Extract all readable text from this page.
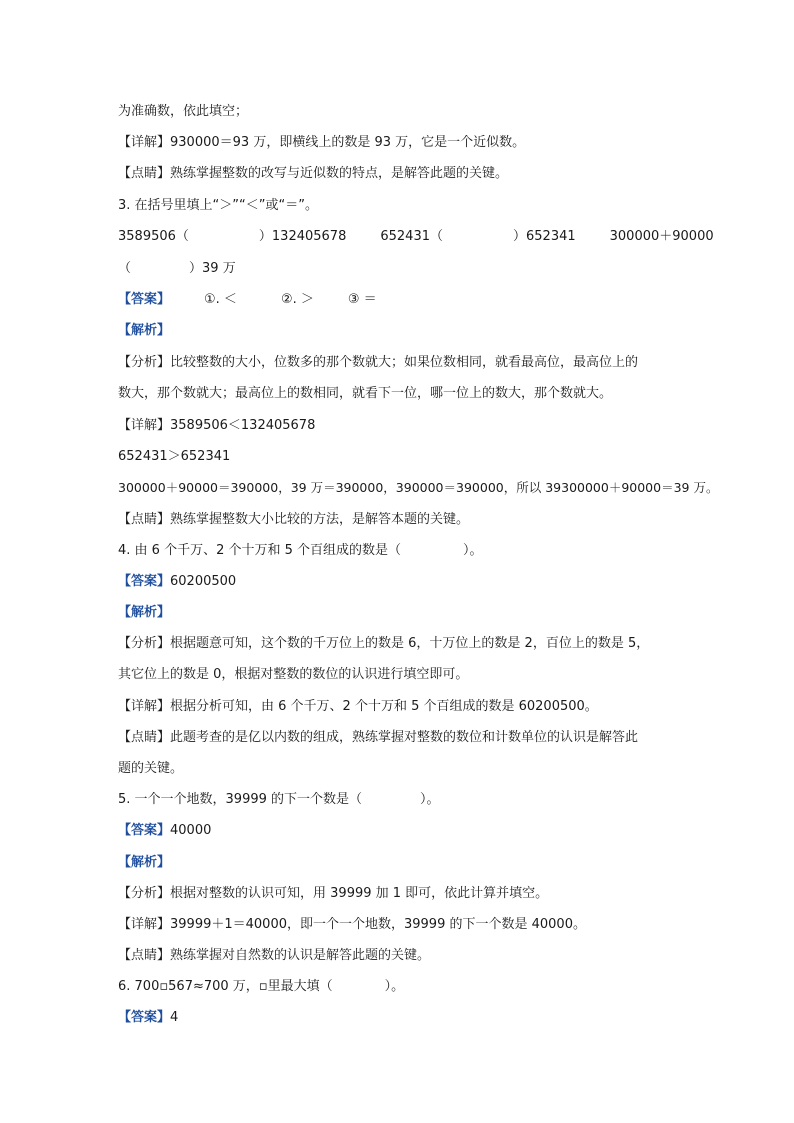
为准确数，依此填空；
【详解】930000＝93 万，即横线上的数是 93 万，它是一个近似数。
【点睛】熟练掌握整数的改写与近似数的特点，是解答此题的关键。
3. 在括号里填上“＞”“＜”或“＝”。
3589506（	）132405678	652431（	）652341	300000＋90000
（	）39 万
【答案】	①. ＜	②. ＞	③ ＝
【解析】
【分析】比较整数的大小，位数多的那个数就大；如果位数相同，就看最高位，最高位上的
数大，那个数就大；最高位上的数相同，就看下一位，哪一位上的数大，那个数就大。
【详解】3589506＜132405678
652431＞652341
300000＋90000＝390000，39 万＝390000，390000＝390000，所以 39300000＋90000＝39 万。
【点睛】熟练掌握整数大小比较的方法，是解答本题的关键。
4. 由 6 个千万、2 个十万和 5 个百组成的数是（	）。
【答案】60200500
【解析】
【分析】根据题意可知，这个数的千万位上的数是 6，十万位上的数是 2，百位上的数是 5，
其它位上的数是 0，根据对整数的数位的认识进行填空即可。
【详解】根据分析可知，由 6 个千万、2 个十万和 5 个百组成的数是 60200500。
【点睛】此题考查的是亿以内数的组成，熟练掌握对整数的数位和计数单位的认识是解答此
题的关键。
5. 一个一个地数，39999 的下一个数是（	）。
【答案】40000
【解析】
【分析】根据对整数的认识可知，用 39999 加 1 即可，依此计算并填空。
【详解】39999＋1＝40000，即一个一个地数，39999 的下一个数是 40000。
【点睛】熟练掌握对自然数的认识是解答此题的关键。
6. 700▫567≈700 万，▫里最大填（	）。
【答案】4
